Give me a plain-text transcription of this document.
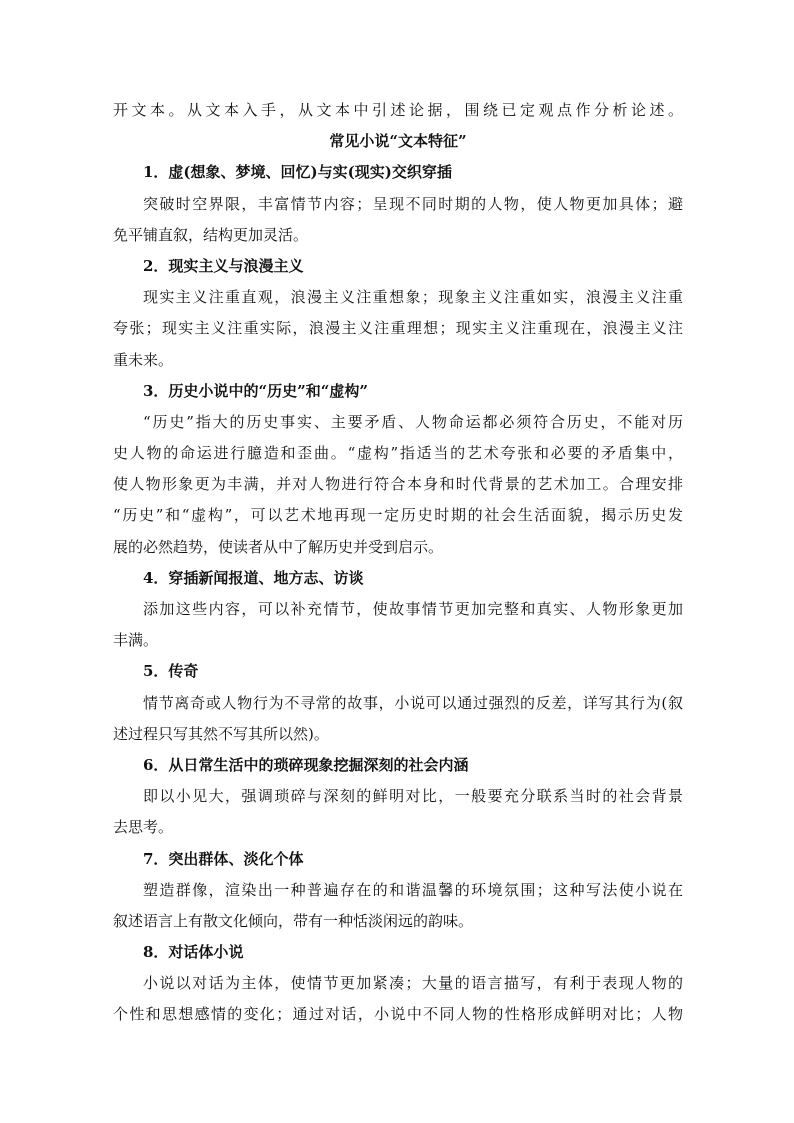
开文本。从文本入手，从文本中引述论据，围绕已定观点作分析论述。
常见小说“文本特征”
1．虚(想象、梦境、回忆)与实(现实)交织穿插
突破时空界限，丰富情节内容；呈现不同时期的人物，使人物更加具体；避
免平铺直叙，结构更加灵活。
2．现实主义与浪漫主义
现实主义注重直观，浪漫主义注重想象；现象主义注重如实，浪漫主义注重
夸张；现实主义注重实际，浪漫主义注重理想；现实主义注重现在，浪漫主义注
重未来。
3．历史小说中的“历史”和“虚构”
“历史”指大的历史事实、主要矛盾、人物命运都必须符合历史，不能对历
史人物的命运进行臆造和歪曲。“虚构”指适当的艺术夸张和必要的矛盾集中，
使人物形象更为丰满，并对人物进行符合本身和时代背景的艺术加工。合理安排
“历史”和“虚构”，可以艺术地再现一定历史时期的社会生活面貌，揭示历史发
展的必然趋势，使读者从中了解历史并受到启示。
4．穿插新闻报道、地方志、访谈
添加这些内容，可以补充情节，使故事情节更加完整和真实、人物形象更加
丰满。
5．传奇
情节离奇或人物行为不寻常的故事，小说可以通过强烈的反差，详写其行为(叙
述过程只写其然不写其所以然)。
6．从日常生活中的琐碎现象挖掘深刻的社会内涵
即以小见大，强调琐碎与深刻的鲜明对比，一般要充分联系当时的社会背景
去思考。
7．突出群体、淡化个体
塑造群像，渲染出一种普遍存在的和谐温馨的环境氛围；这种写法使小说在
叙述语言上有散文化倾向，带有一种恬淡闲远的韵味。
8．对话体小说
小说以对话为主体，使情节更加紧凑；大量的语言描写，有利于表现人物的
个性和思想感情的变化；通过对话，小说中不同人物的性格形成鲜明对比；人物
